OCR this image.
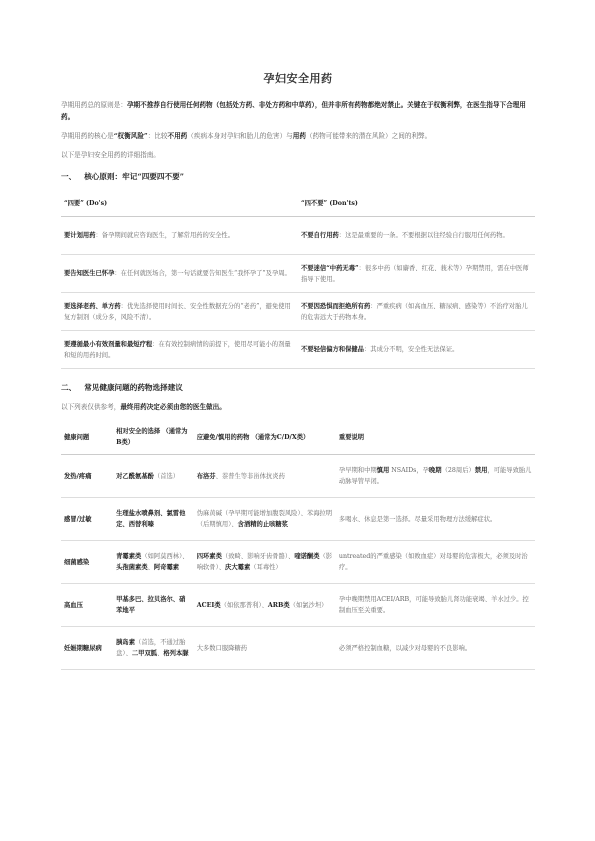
孕妇安全用药

孕期用药总的原则是：孕期不推荐自行使用任何药物（包括处方药、非处方药和中草药），但并非所有药物都绝对禁止。关键在于权衡利弊，在医生指导下合理用药。

孕期用药的核心是“权衡风险”：比较不用药（疾病本身对孕妇和胎儿的危害）与用药（药物可能带来的潜在风险）之间的利弊。

以下是孕妇安全用药的详细指南。

一、 核心原则：牢记“四要四不要”
“四要” (Do's)	“四不要” (Don'ts)
要计划用药：备孕期间就应咨询医生，了解常用药的安全性。	不要自行用药：这是最重要的一条。不要根据以往经验自行服用任何药物。
要告知医生已怀孕：在任何就医场合，第一句话就要告知医生“我怀孕了”及孕周。	不要迷信“中药无毒”：很多中药（如麝香、红花、莪术等）孕期禁用，需在中医师指导下使用。
要选择老药、单方药：优先选择使用时间长、安全性数据充分的“老药”，避免使用复方制剂（成分多，风险不清）。	不要因恐惧而拒绝所有药：严重疾病（如高血压、糖尿病、感染等）不治疗对胎儿的危害远大于药物本身。
要遵循最小有效剂量和最短疗程：在有效控制病情的前提下，使用尽可能小的剂量和短的用药时间。	不要轻信偏方和保健品：其成分不明，安全性无法保证。
二、 常见健康问题的药物选择建议

以下列表仅供参考，最终用药决定必须由您的医生做出。

健康问题	相对安全的选择 （通常为B类）	应避免/慎用的药物 （通常为C/D/X类）	重要说明
发热/疼痛	对乙酰氨基酚（首选）	布洛芬、萘普生等非甾体抗炎药	孕早期和中期慎用 NSAIDs，孕晚期（28周后）禁用，可能导致胎儿动脉导管早闭。
感冒/过敏	生理盐水喷鼻剂、氯雷他定、西替利嗪	伪麻黄碱（孕早期可能增加腹裂风险）、苯海拉明（后期慎用）、含酒精的止咳糖浆	多喝水、休息是第一选择。尽量采用物理方法缓解症状。
细菌感染	青霉素类（如阿莫西林）、头孢菌素类、阿奇霉素	四环素类（致畸、影响牙齿骨骼）、喹诺酮类（影响软骨）、庆大霉素（耳毒性）	untreated的严重感染（如败血症）对母婴的危害极大，必须及时治疗。
高血压	甲基多巴、拉贝洛尔、硝苯地平	ACEI类（如依那普利）、ARB类（如氯沙坦）	孕中晚期禁用ACEI/ARB，可能导致胎儿肾功能衰竭、羊水过少。控制血压至关重要。
妊娠期糖尿病	胰岛素（首选，不通过胎盘）、二甲双胍、格列本脲	大多数口服降糖药	必须严格控制血糖，以减少对母婴的不良影响。
